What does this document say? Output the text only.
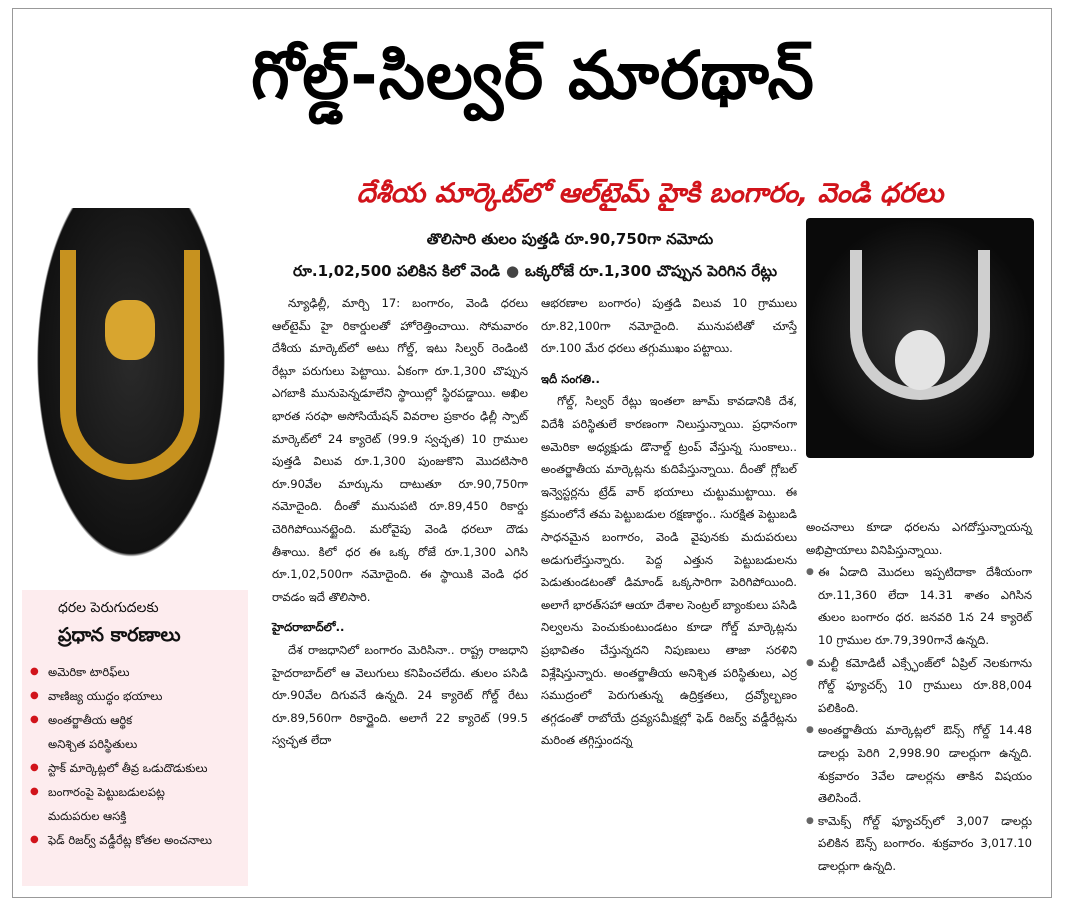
గోల్డ్-సిల్వర్ మారథాన్
దేశీయ మార్కెట్‌లో ఆల్‌టైమ్ హైకి బంగారం, వెండి ధరలు
తొలిసారి తులం పుత్తడి రూ.90,750గా నమోదు
రూ.1,02,500 పలికిన కిలో వెండి ● ఒక్కరోజే రూ.1,300 చొప్పున పెరిగిన రేట్లు
ధరల పెరుగుదలకు
ప్రధాన కారణాలు
● అమెరికా టారిఫ్‌లు
● వాణిజ్య యుద్ధం భయాలు
● అంతర్జాతీయ ఆర్థిక
అనిశ్చిత పరిస్థితులు
● స్టాక్ మార్కెట్లలో తీవ్ర ఒడుదొడుకులు
● బంగారంపై పెట్టుబడులపట్ల
మదుపరుల ఆసక్తి
● ఫెడ్ రిజర్వ్ వడ్డీరేట్ల కోతల అంచనాలు

న్యూఢిల్లీ, మార్చి 17: బంగారం, వెండి ధరలు ఆల్‌టైమ్ హై రికార్డులతో హోరెత్తించాయి. సోమవారం దేశీయ మార్కెట్‌లో అటు గోల్డ్, ఇటు సిల్వర్ రెండింటి రేట్లూ పరుగులు పెట్టాయి. ఏకంగా రూ.1,300 చొప్పున ఎగబాకి మునుపెన్నడూలేని స్థాయిల్లో స్థిరపడ్డాయి. అఖిల భారత సరఫా అసోసియేషన్ వివరాల ప్రకారం ఢిల్లీ స్పాట్ మార్కెట్‌లో 24 క్యారెట్ (99.9 స్వచ్ఛత) 10 గ్రాముల పుత్తడి విలువ రూ.1,300 పుంజుకొని మొదటిసారి రూ.90వేల మార్కును దాటుతూ రూ.90,750గా నమోదైంది. దీంతో మునుపటి రూ.89,450 రికార్డు చెరిగిపోయినట్టైంది. మరోవైపు వెండి ధరలూ దౌడు తీశాయి. కిలో ధర ఈ ఒక్క రోజే రూ.1,300 ఎగిసి రూ.1,02,500గా నమోదైంది. ఈ స్థాయికి వెండి ధర రావడం ఇదే తొలిసారి.

హైదరాబాద్‌లో..

దేశ రాజధానిలో బంగారం మెరిసినా.. రాష్ట్ర రాజధాని హైదరాబాద్‌లో ఆ వెలుగులు కనిపించలేదు. తులం పసిడి రూ.90వేల దిగువనే ఉన్నది. 24 క్యారెట్ గోల్డ్ రేటు రూ.89,560గా రికార్డైంది. అలాగే 22 క్యారెట్ (99.5 స్వచ్ఛత లేదా

ఆభరణాల బంగారం) పుత్తడి విలువ 10 గ్రాములు రూ.82,100గా నమోదైంది. మునుపటితో చూస్తే రూ.100 మేర ధరలు తగ్గుముఖం పట్టాయి.

ఇదీ సంగతి..

గోల్డ్, సిల్వర్ రేట్లు ఇంతలా జూమ్ కావడానికి దేశ, విదేశీ పరిస్థితులే కారణంగా నిలుస్తున్నాయి. ప్రధానంగా అమెరికా అధ్యక్షుడు డొనాల్డ్ ట్రంప్ వేస్తున్న సుంకాలు.. అంతర్జాతీయ మార్కెట్లను కుదిపేస్తున్నాయి. దీంతో గ్లోబల్ ఇన్వెస్టర్లను ట్రేడ్ వార్ భయాలు చుట్టుముట్టాయి. ఈ క్రమంలోనే తమ పెట్టుబడుల రక్షణార్థం.. సురక్షిత పెట్టుబడి సాధనమైన బంగారం, వెండి వైపునకు మదుపరులు అడుగులేస్తున్నారు. పెద్ద ఎత్తున పెట్టుబడులను పెడుతుండటంతో డిమాండ్ ఒక్కసారిగా పెరిగిపోయింది. అలాగే భారత్‌సహా ఆయా దేశాల సెంట్రల్ బ్యాంకులు పసిడి నిల్వలను పెంచుకుంటుండటం కూడా గోల్డ్ మార్కెట్లను ప్రభావితం చేస్తున్నదని నిపుణులు తాజా సరళిని విశ్లేషిస్తున్నారు. అంతర్జాతీయ అనిశ్చిత పరిస్థితులు, ఎర్ర సముద్రంలో పెరుగుతున్న ఉద్రిక్తతలు, ద్రవ్యోల్బణం తగ్గడంతో రాబోయే ద్రవ్యసమీక్షల్లో ఫెడ్ రిజర్వ్ వడ్డీరేట్లను మరింత తగ్గిస్తుందన్న

అంచనాలు కూడా ధరలను ఎగదోస్తున్నాయన్న అభిప్రాయాలు వినిపిస్తున్నాయి.

● ఈ ఏడాది మొదలు ఇప్పటిదాకా దేశీయంగా రూ.11,360 లేదా 14.31 శాతం ఎగిసిన తులం బంగారం ధర. జనవరి 1న 24 క్యారెట్ 10 గ్రాముల రూ.79,390గానే ఉన్నది.

● మల్టీ కమోడిటీ ఎక్స్ఛేంజ్‌లో ఏప్రిల్ నెలకుగాను గోల్డ్ ఫ్యూచర్స్ 10 గ్రాములు రూ.88,004 పలికింది.

● అంతర్జాతీయ మార్కెట్లలో ఔన్స్ గోల్డ్ 14.48 డాలర్లు పెరిగి 2,998.90 డాలర్లుగా ఉన్నది. శుక్రవారం 3వేల డాలర్లను తాకిన విషయం తెలిసిందే.

● కామెక్స్ గోల్డ్ ఫ్యూచర్స్‌లో 3,007 డాలర్లు పలికిన ఔన్స్ బంగారం. శుక్రవారం 3,017.10 డాలర్లుగా ఉన్నది.
